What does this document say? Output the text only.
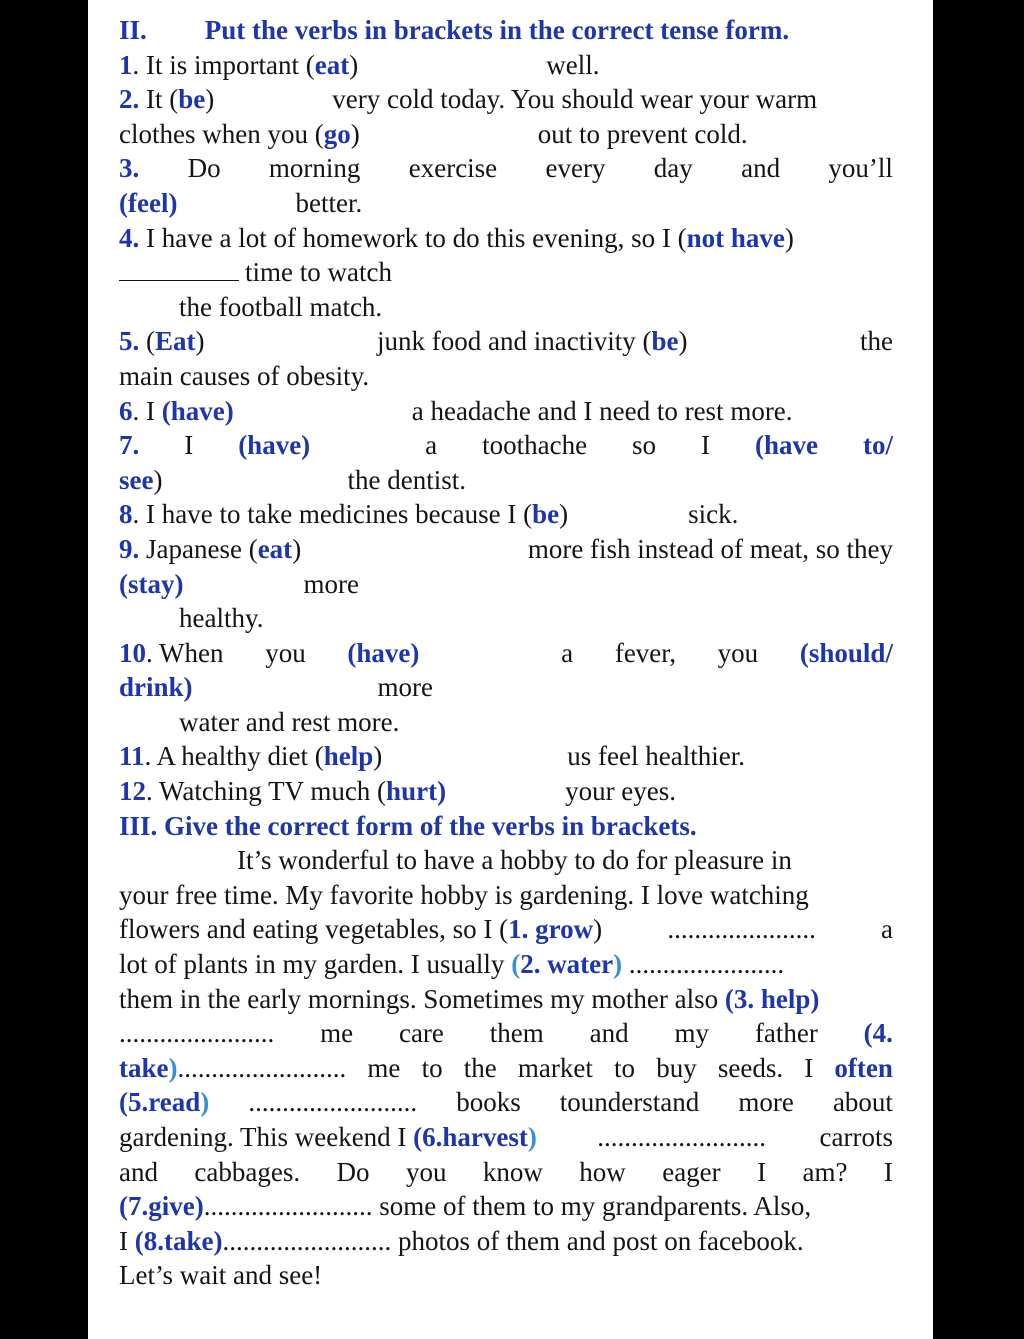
II. Put the verbs in brackets in the correct tense form.
1. It is important (eat)	well.
2. It (be)	very cold today. You should wear your warm
clothes when you (go)	out to prevent cold.
3. Do morning exercise every day and you’ll
(feel)	better.
4. I have a lot of homework to do this evening, so I (not have)
time to watch
the football match.
5. (Eat)	junk food and inactivity (be)	the
main causes of obesity.
6. I (have)	a headache and I need to rest more.
7. I (have)	a toothache so I (have to/
see)	the dentist.
8. I have to take medicines because I (be)	sick.
9. Japanese (eat)	more fish instead of meat, so they
(stay)	more
healthy.
10. When you (have)	a fever, you (should/
drink)	more
water and rest more.
11. A healthy diet (help)	us feel healthier.
12. Watching TV much (hurt)	your eyes.
III. Give the correct form of the verbs in brackets.
It’s wonderful to have a hobby to do for pleasure in
your free time. My favorite hobby is gardening. I love watching
flowers and eating vegetables, so I (1. grow) ...................... a
lot of plants in my garden. I usually (2. water) .......................
them in the early mornings. Sometimes my mother also (3. help)
....................... me care them and my father (4.
take)......................... me to the market to buy seeds. I often
(5.read) ......................... books tounderstand more about
gardening. This weekend I (6.harvest) ......................... carrots
and cabbages. Do you know how eager I am? I
(7.give)......................... some of them to my grandparents. Also,
I (8.take)......................... photos of them and post on facebook.
Let’s wait and see!
